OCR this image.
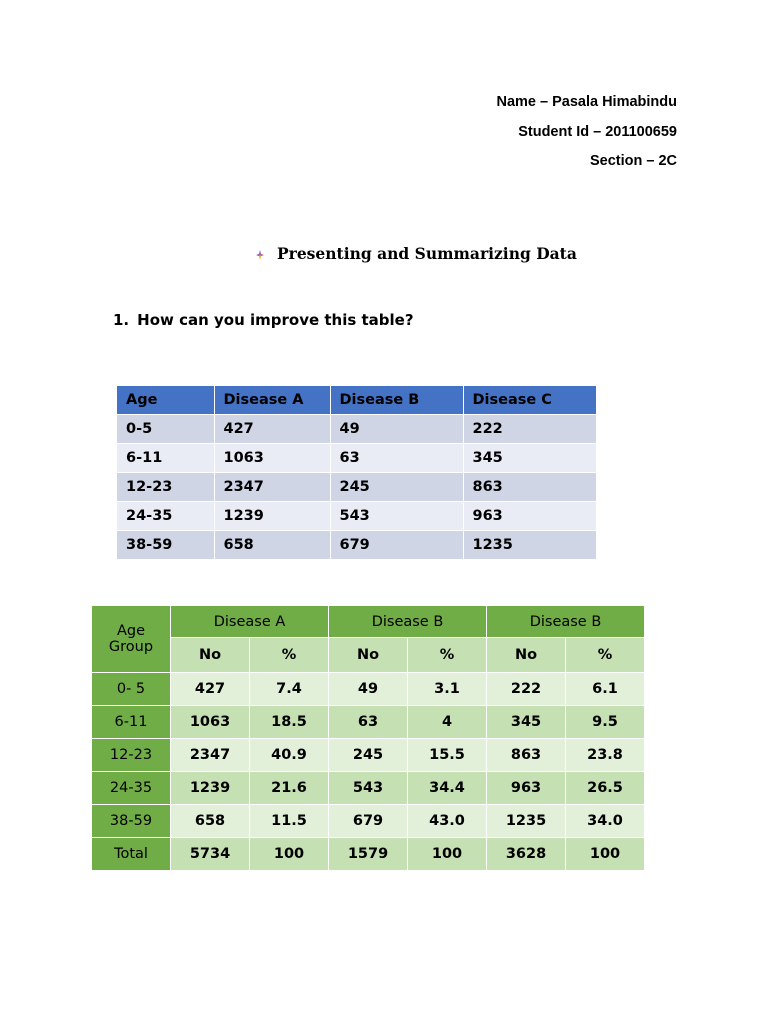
Name – Pasala Himabindu
Student Id – 201100659
Section – 2C
Presenting and Summarizing Data
1. How can you improve this table?
Age	Disease A	Disease B	Disease C
0-5	427	49	222
6-11	1063	63	345
12-23	2347	245	863
24-35	1239	543	963
38-59	658	679	1235
Age
Group	Disease A		Disease B		Disease B	
	No	%	No	%	No	%
0- 5	427	7.4	49	3.1	222	6.1
6-11	1063	18.5	63	4	345	9.5
12-23	2347	40.9	245	15.5	863	23.8
24-35	1239	21.6	543	34.4	963	26.5
38-59	658	11.5	679	43.0	1235	34.0
Total	5734	100	1579	100	3628	100
